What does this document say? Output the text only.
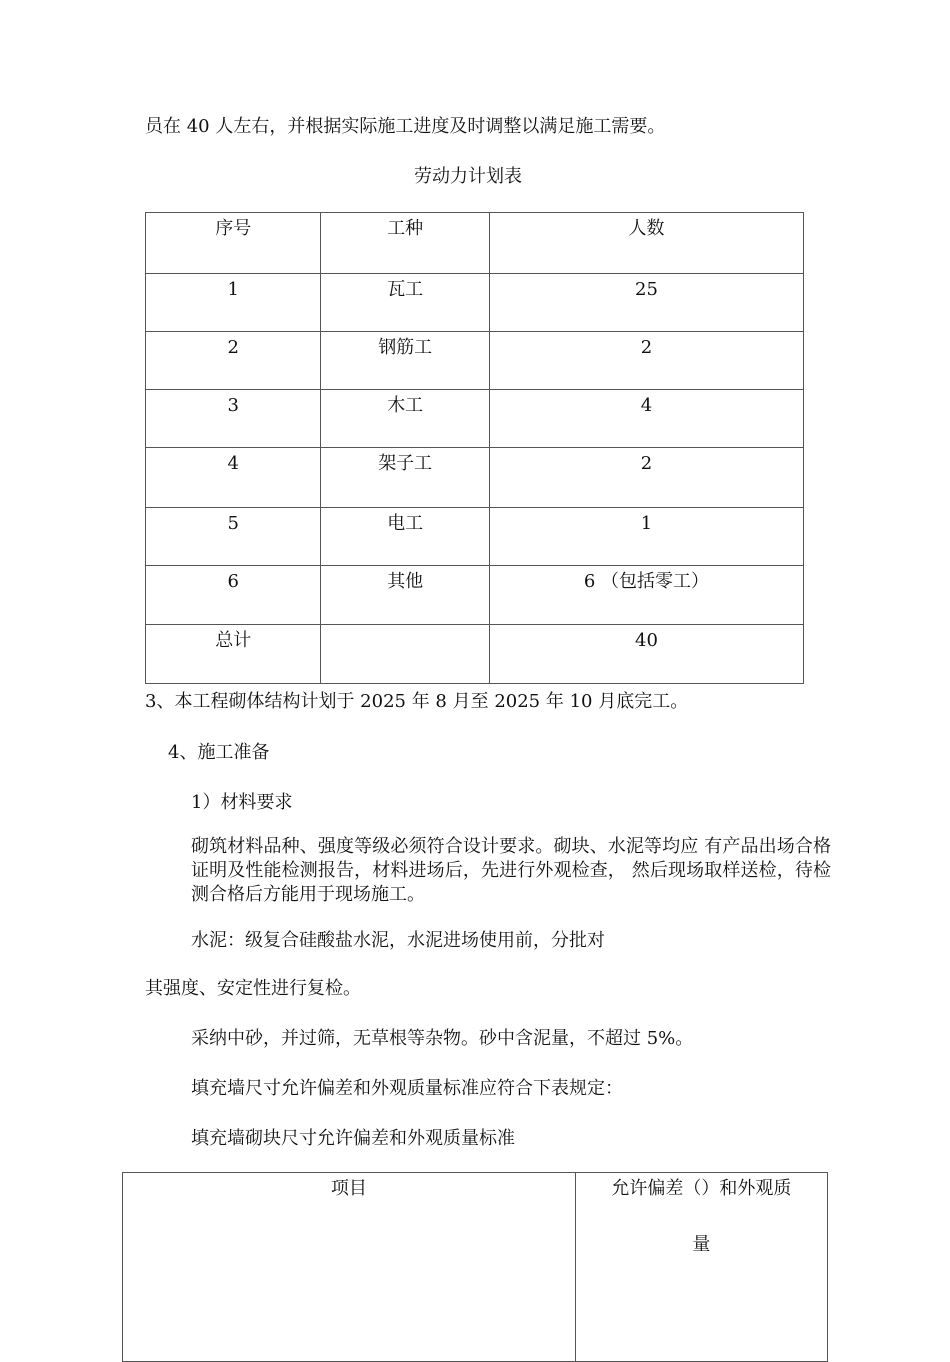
员在 40 人左右，并根据实际施工进度及时调整以满足施工需要。

劳动力计划表

序号	工种	人数

1	瓦工	25

2	钢筋工	2

3	木工	4

4	架子工	2

5	电工	1

6	其他	6 （包括零工）

总计		40

3、本工程砌体结构计划于 2025 年 8 月至 2025 年 10 月底完工。

4、施工准备

1）材料要求

砌筑材料品种、强度等级必须符合设计要求。砌块、水泥等均应 有产品出场合格证明及性能检测报告，材料进场后，先进行外观检查， 然后现场取样送检，待检测合格后方能用于现场施工。

水泥：级复合硅酸盐水泥，水泥进场使用前，分批对

其强度、安定性进行复检。

采纳中砂，并过筛，无草根等杂物。砂中含泥量，不超过 5%。

填充墙尺寸允许偏差和外观质量标准应符合下表规定：

填充墙砌块尺寸允许偏差和外观质量标准

项目	允许偏差（）和外观质
量
